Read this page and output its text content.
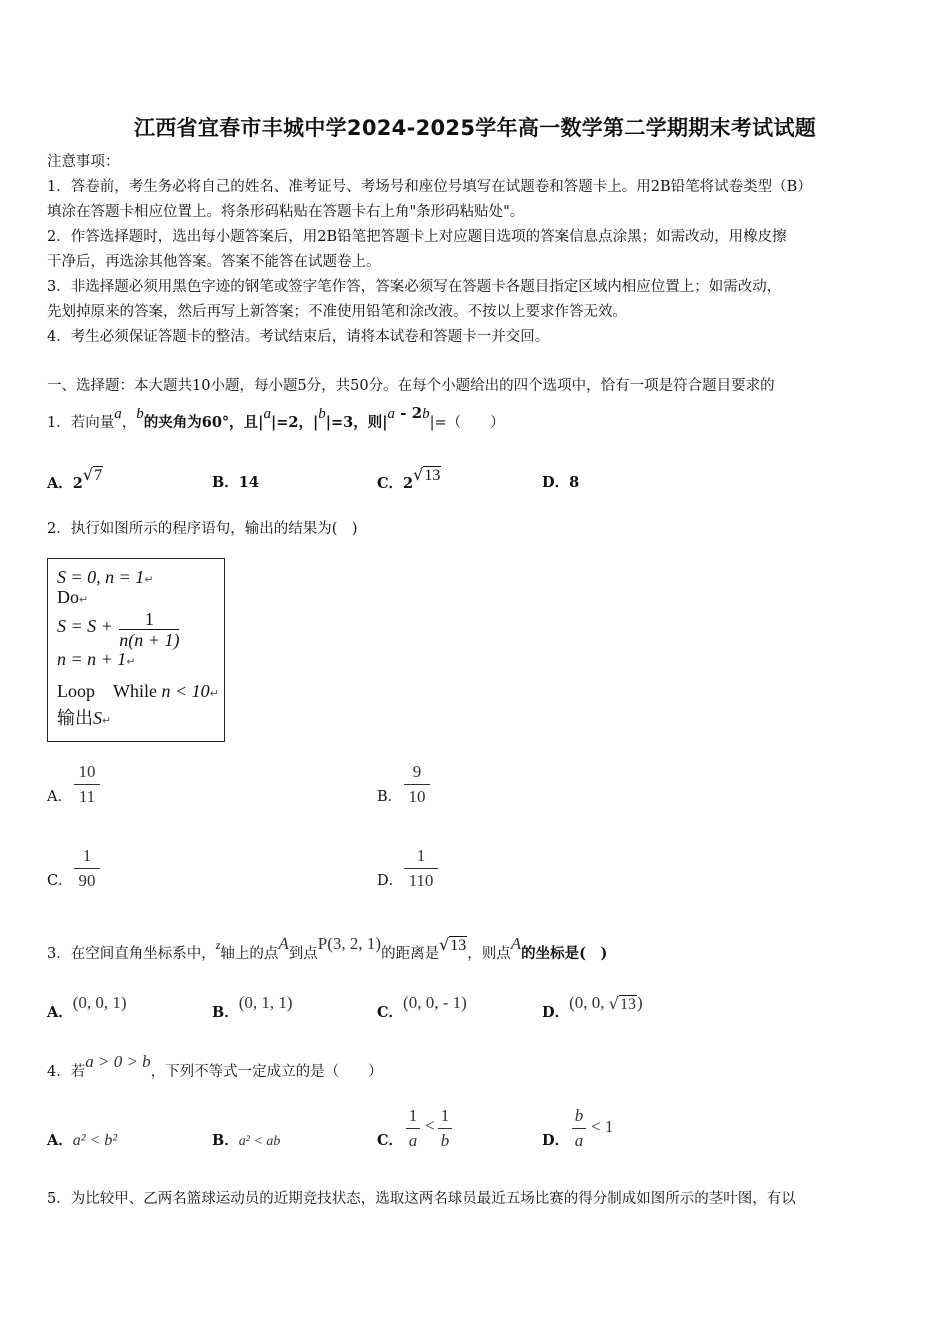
江西省宜春市丰城中学2024-2025学年高一数学第二学期期末考试试题
注意事项：
1．答卷前，考生务必将自己的姓名、准考证号、考场号和座位号填写在试题卷和答题卡上。用2B铅笔将试卷类型（B）
填涂在答题卡相应位置上。将条形码粘贴在答题卡右上角"条形码粘贴处"。
2．作答选择题时，选出每小题答案后，用2B铅笔把答题卡上对应题目选项的答案信息点涂黑；如需改动，用橡皮擦
干净后，再选涂其他答案。答案不能答在试题卷上。
3．非选择题必须用黑色字迹的钢笔或签字笔作答，答案必须写在答题卡各题目指定区域内相应位置上；如需改动，
先划掉原来的答案，然后再写上新答案；不准使用铅笔和涂改液。不按以上要求作答无效。
4．考生必须保证答题卡的整洁。考试结束后，请将本试卷和答题卡一并交回。
一、选择题：本大题共10小题，每小题5分，共50分。在每个小题给出的四个选项中，恰有一项是符合题目要求的
1．若向量a，b的夹角为60°，且|a|=2，|b|=3，则|a - 2b|=（　　）
A．2√7	B．14	C．2√13	D．8
2．执行如图所示的程序语句，输出的结果为(　)
S = 0, n = 1↵
Do↵
$S = S + \frac{1}{n(n + 1)}$
n = n + 1↵
Loop　While n < 10↵
输出S↵
A．
10
11	B．
9
10
C．
1
90	D．
1
110
3．在空间直角坐标系中，$^z$轴上的点A到点P(3, 2, 1)的距离是√13，则点A的坐标是(　)
A．(0, 0, 1)
B．(0, 1, 1)
C．(0, 0, - 1)
D．(0, 0, √13)
4．若a > 0 > b，下列不等式一定成立的是（　　）
A．a² < b²	B．a² < ab	C．
1
a
<
1
b	D．
b
a
< 1
5．为比较甲、乙两名篮球运动员的近期竞技状态，选取这两名球员最近五场比赛的得分制成如图所示的茎叶图，有以
